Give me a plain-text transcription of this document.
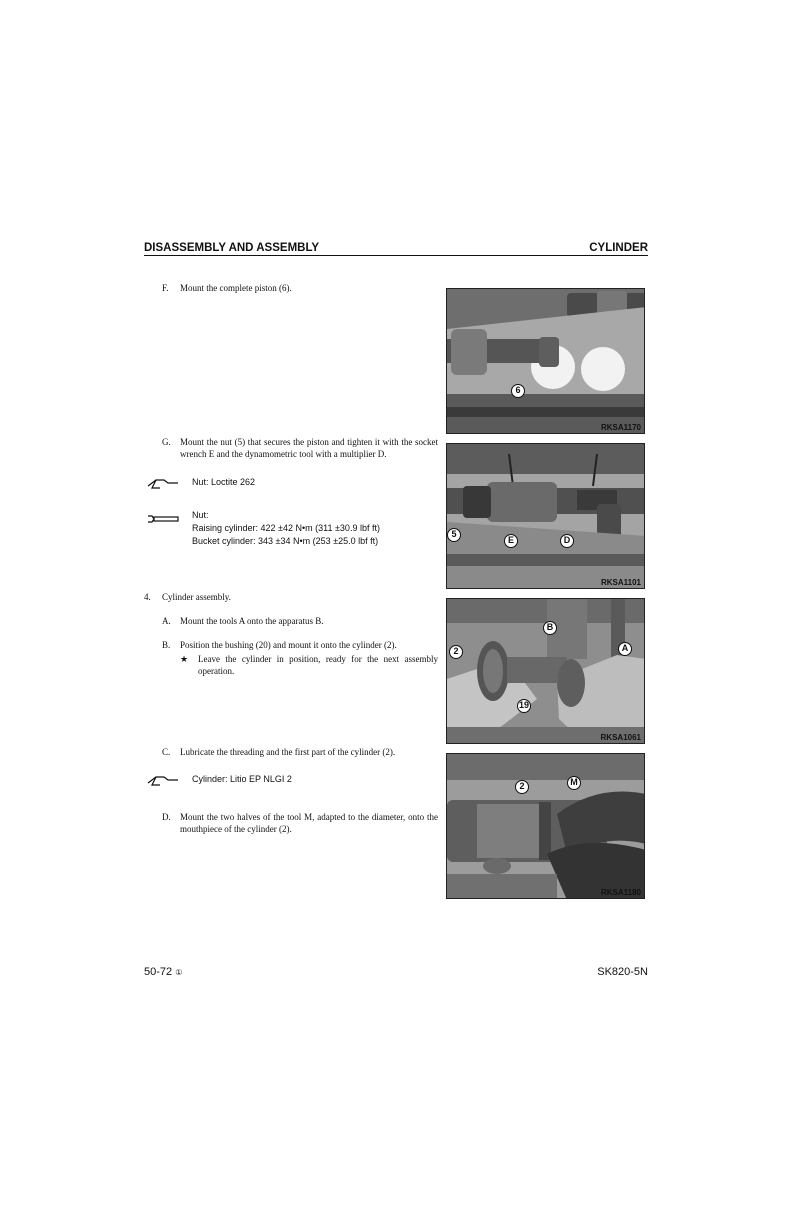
DISASSEMBLY AND ASSEMBLY	CYLINDER
F. Mount the complete piston (6).
6
RKSA1170
G. Mount the nut (5) that secures the piston and tighten it with the socket wrench E and the dynamometric tool with a multiplier D.
Nut: Loctite 262
Nut:
Raising cylinder: 422 ±42 N•m (311 ±30.9 lbf ft)
Bucket cylinder: 343 ±34 N•m (253 ±25.0 lbf ft)
5
E	D
RKSA1101
4. Cylinder assembly.
A. Mount the tools A onto the apparatus B.
B. Position the bushing (20) and mount it onto the cylinder (2).
★ Leave the cylinder in position, ready for the next assembly operation.
B
2	A
19
RKSA1061
C. Lubricate the threading and the first part of the cylinder (2).
Cylinder: Litio EP NLGI 2
D. Mount the two halves of the tool M, adapted to the diameter, onto the mouthpiece of the cylinder (2).
2	M
RKSA1180
50-72 ①	SK820-5N
